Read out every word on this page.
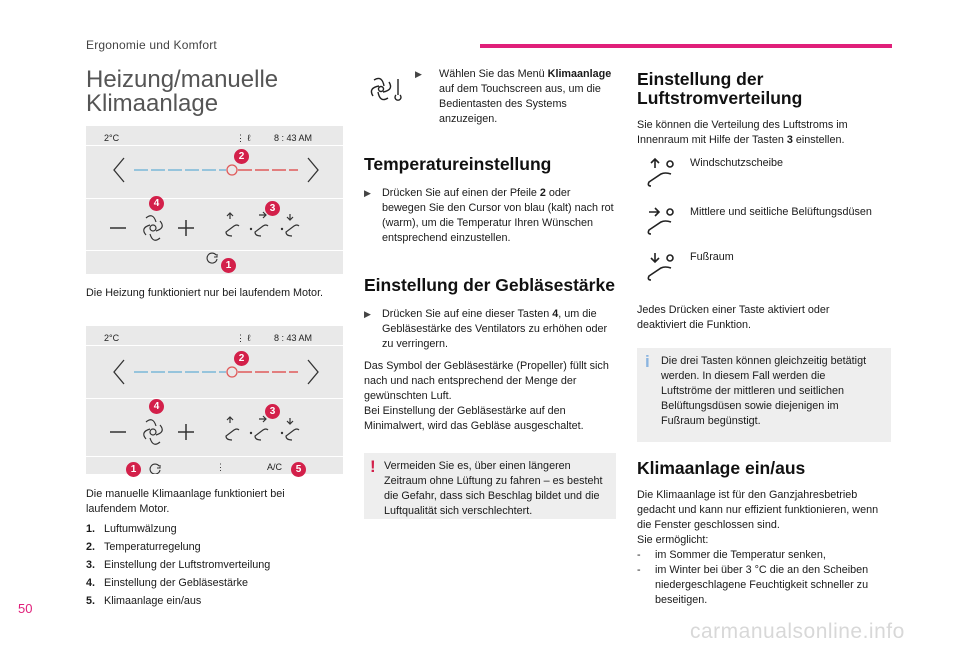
Ergonomie und Komfort
Heizung/manuelle Klimaanlage
2°C	⋮ ℓ	8 : 43 AM
2
3
4
1
Die Heizung funktioniert nur bei laufendem Motor.
2°C	⋮ ℓ	8 : 43 AM
⋮	A/C
2
3
4
1	5
Die manuelle Klimaanlage funktioniert bei laufendem Motor.
1. Luftumwälzung
2. Temperaturregelung
3. Einstellung der Luftstromverteilung
4. Einstellung der Gebläsestärke
5. Klimaanlage ein/aus
▶	Wählen Sie das Menü Klimaanlage auf dem Touchscreen aus, um die Bedientasten des Systems anzuzeigen.
Temperatureinstellung
▶ Drücken Sie auf einen der Pfeile 2 oder bewegen Sie den Cursor von blau (kalt) nach rot (warm), um die Temperatur Ihren Wünschen entsprechend einzustellen.
Einstellung der Gebläsestärke
▶ Drücken Sie auf eine dieser Tasten 4, um die Gebläsestärke des Ventilators zu erhöhen oder zu verringern.
Das Symbol der Gebläsestärke (Propeller) füllt sich nach und nach entsprechend der Menge der gewünschten Luft.
Bei Einstellung der Gebläsestärke auf den Minimalwert, wird das Gebläse ausgeschaltet.
! Vermeiden Sie es, über einen längeren Zeitraum ohne Lüftung zu fahren – es besteht die Gefahr, dass sich Beschlag bildet und die Luftqualität sich verschlechtert.
Einstellung der Luftstromverteilung
Sie können die Verteilung des Luftstroms im Innenraum mit Hilfe der Tasten 3 einstellen.
Windschutzscheibe
Mittlere und seitliche Belüftungsdüsen
Fußraum
Jedes Drücken einer Taste aktiviert oder deaktiviert die Funktion.
i	Die drei Tasten können gleichzeitig betätigt werden. In diesem Fall werden die Luftströme der mittleren und seitlichen Belüftungsdüsen sowie diejenigen im Fußraum begünstigt.
Klimaanlage ein/aus
Die Klimaanlage ist für den Ganzjahresbetrieb gedacht und kann nur effizient funktionieren, wenn die Fenster geschlossen sind.
Sie ermöglicht:
- im Sommer die Temperatur senken,
- im Winter bei über 3 °C die an den Scheiben niedergeschlagene Feuchtigkeit schneller zu beseitigen.
50
carmanualsonline.info
